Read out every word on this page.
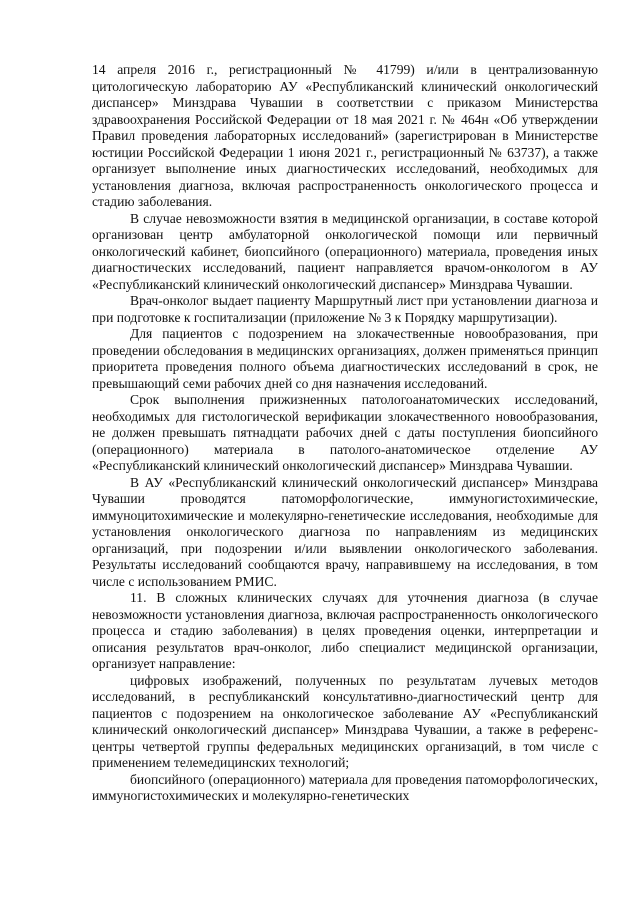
14 апреля 2016 г., регистрационный № 41799) и/или в централизованную цитологическую лабораторию АУ «Республиканский клинический онкологический диспансер» Минздрава Чувашии в соответствии с приказом Министерства здравоохранения Российской Федерации от 18 мая 2021 г. № 464н «Об утверждении Правил проведения лабораторных исследований» (зарегистрирован в Министерстве юстиции Российской Федерации 1 июня 2021 г., регистрационный № 63737), а также организует выполнение иных диагностических исследований, необходимых для установления диагноза, включая распространенность онкологического процесса и стадию заболевания.

В случае невозможности взятия в медицинской организации, в составе которой организован центр амбулаторной онкологической помощи или первичный онкологический кабинет, биопсийного (операционного) материала, проведения иных диагностических исследований, пациент направляется врачом-онкологом в АУ «Республиканский клинический онкологический диспансер» Минздрава Чувашии.

Врач-онколог выдает пациенту Маршрутный лист при установлении диагноза и при подготовке к госпитализации (приложение № 3 к Порядку маршрутизации).

Для пациентов с подозрением на злокачественные новообразования, при проведении обследования в медицинских организациях, должен применяться принцип приоритета проведения полного объема диагностических исследований в срок, не превышающий семи рабочих дней со дня назначения исследований.

Срок выполнения прижизненных патологоанатомических исследований, необходимых для гистологической верификации злокачественного новообразования, не должен превышать пятнадцати рабочих дней с даты поступления биопсийного (операционного) материала в патолого-анатомическое отделение АУ «Республиканский клинический онкологический диспансер» Минздрава Чувашии.

В АУ «Республиканский клинический онкологический диспансер» Минздрава Чувашии проводятся патоморфологические, иммуногистохимические, иммуноцитохимические и молекулярно-генетические исследования, необходимые для установления онкологического диагноза по направлениям из медицинских организаций, при подозрении и/или выявлении онкологического заболевания. Результаты исследований сообщаются врачу, направившему на исследования, в том числе с использованием РМИС.

11. В сложных клинических случаях для уточнения диагноза (в случае невозможности установления диагноза, включая распространенность онкологического процесса и стадию заболевания) в целях проведения оценки, интерпретации и описания результатов врач-онколог, либо специалист медицинской организации, организует направление:

цифровых изображений, полученных по результатам лучевых методов исследований, в республиканский консультативно-диагностический центр для пациентов с подозрением на онкологическое заболевание АУ «Республиканский клинический онкологический диспансер» Минздрава Чувашии, а также в референс-центры четвертой группы федеральных медицинских организаций, в том числе с применением телемедицинских технологий;

биопсийного (операционного) материала для проведения патоморфологических, иммуногистохимических и молекулярно-генетических
